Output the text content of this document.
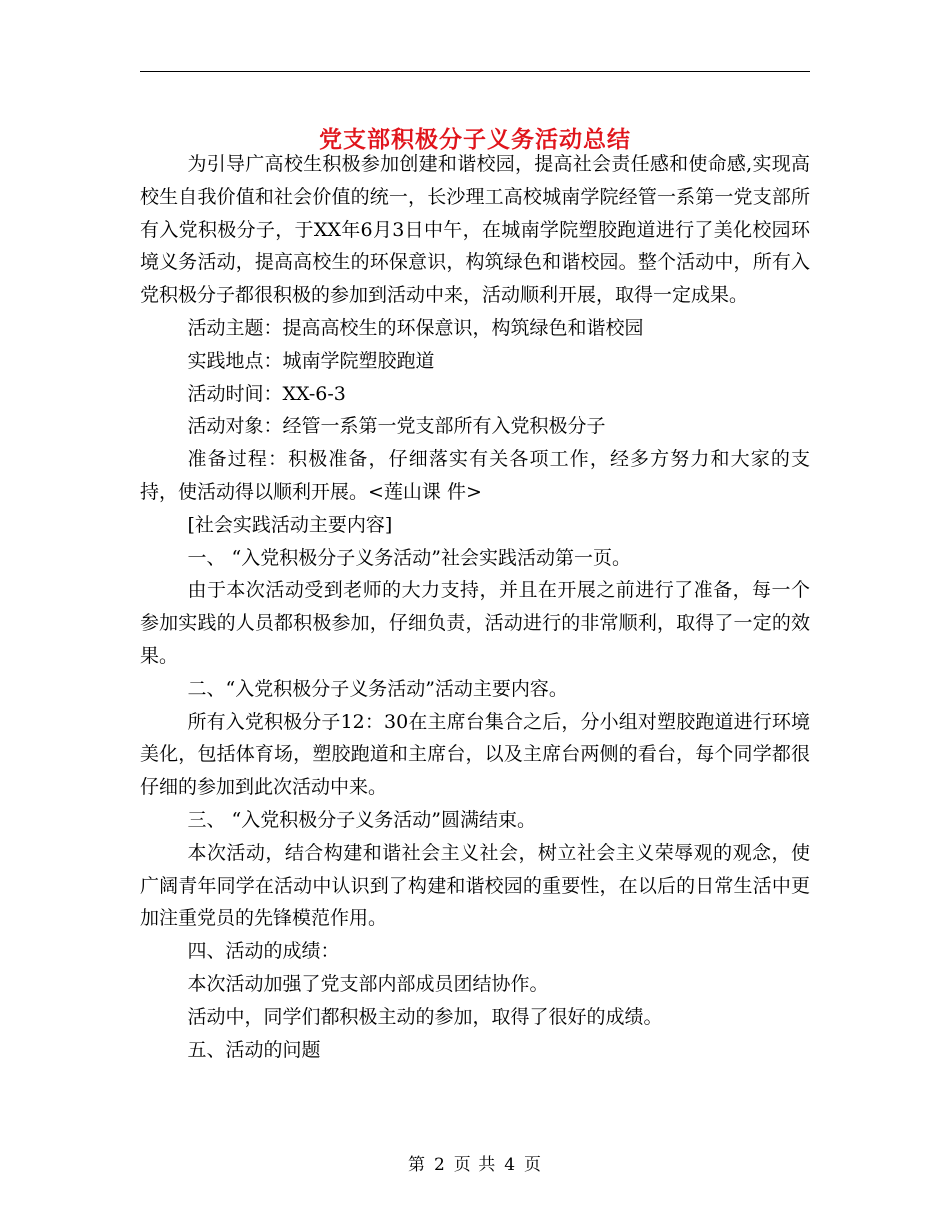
党支部积极分子义务活动总结

为引导广高校生积极参加创建和谐校园，提高社会责任感和使命感,实现高校生自我价值和社会价值的统一，长沙理工高校城南学院经管一系第一党支部所有入党积极分子，于XX年6月3日中午，在城南学院塑胶跑道进行了美化校园环境义务活动，提高高校生的环保意识，构筑绿色和谐校园。整个活动中，所有入党积极分子都很积极的参加到活动中来，活动顺利开展，取得一定成果。

活动主题：提高高校生的环保意识，构筑绿色和谐校园

实践地点：城南学院塑胶跑道

活动时间：XX-6-3

活动对象：经管一系第一党支部所有入党积极分子

准备过程：积极准备，仔细落实有关各项工作，经多方努力和大家的支持，使活动得以顺利开展。<莲山课 件>

[社会实践活动主要内容]

一、 “入党积极分子义务活动”社会实践活动第一页。

由于本次活动受到老师的大力支持，并且在开展之前进行了准备，每一个参加实践的人员都积极参加，仔细负责，活动进行的非常顺利，取得了一定的效果。

二、“入党积极分子义务活动”活动主要内容。

所有入党积极分子12：30在主席台集合之后，分小组对塑胶跑道进行环境美化，包括体育场，塑胶跑道和主席台，以及主席台两侧的看台，每个同学都很仔细的参加到此次活动中来。

三、 “入党积极分子义务活动”圆满结束。

本次活动，结合构建和谐社会主义社会，树立社会主义荣辱观的观念，使广阔青年同学在活动中认识到了构建和谐校园的重要性，在以后的日常生活中更加注重党员的先锋模范作用。

四、活动的成绩：

本次活动加强了党支部内部成员团结协作。

活动中，同学们都积极主动的参加，取得了很好的成绩。

五、活动的问题

第 2 页 共 4 页
